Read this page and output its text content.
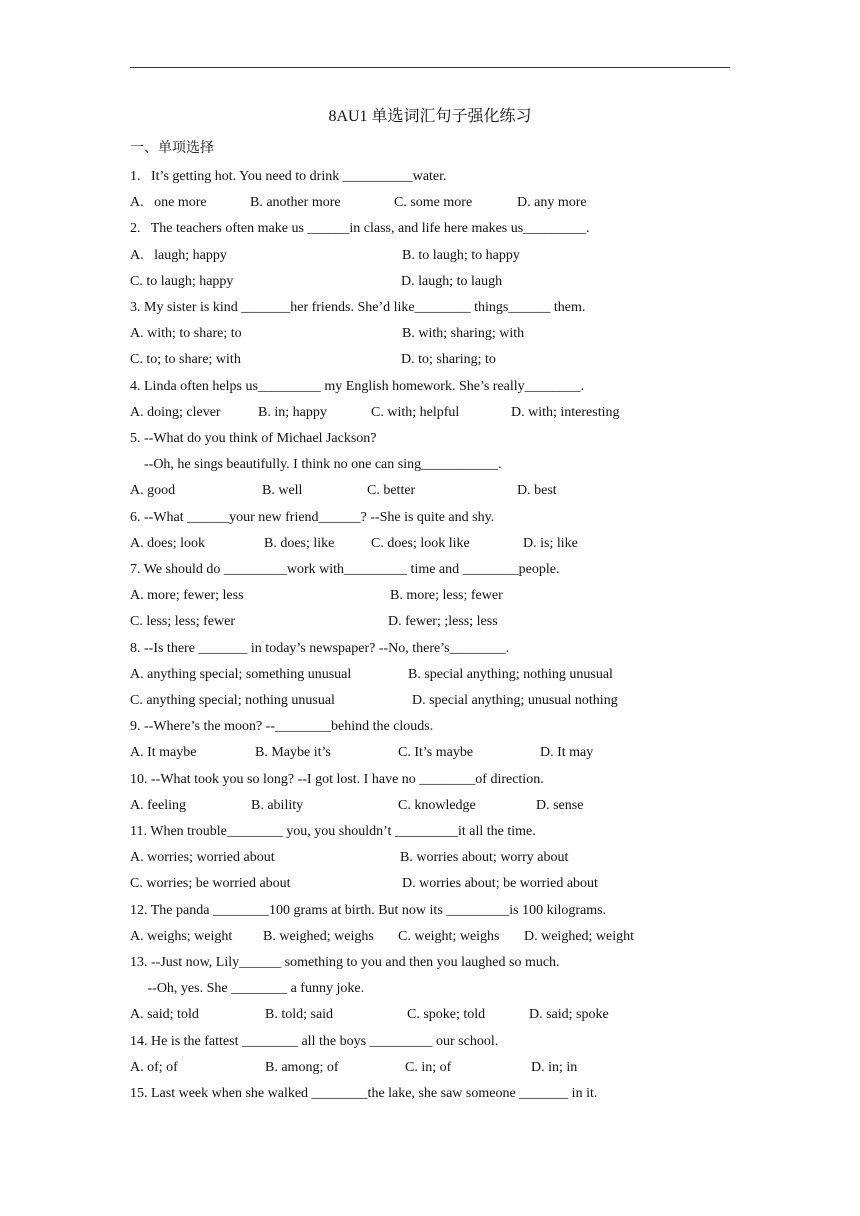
8AU1 单选词汇句子强化练习
一、单项选择
1.   It’s getting hot. You need to drink __________water.
A.   one more	B. another more	C. some more	D. any more
2.   The teachers often make us ______in class, and life here makes us_________.
A.   laugh; happy	B. to laugh; to happy
C. to laugh; happy	D. laugh; to laugh
3. My sister is kind _______her friends. She’d like________ things______ them.
A. with; to share; to	B. with; sharing; with
C. to; to share; with	D. to; sharing; to
4. Linda often helps us_________ my English homework. She’s really________.
A. doing; clever	B. in; happy	C. with; helpful	D. with; interesting
5. --What do you think of Michael Jackson?
--Oh, he sings beautifully. I think no one can sing___________.
A. good	B. well	C. better	D. best
6. --What ______your new friend______? --She is quite and shy.
A. does; look	B. does; like	C. does; look like	D. is; like
7. We should do _________work with_________ time and ________people.
A. more; fewer; less	B. more; less; fewer
C. less; less; fewer	D. fewer; ;less; less
8. --Is there _______ in today’s newspaper? --No, there’s________.
A. anything special; something unusual	B. special anything; nothing unusual
C. anything special; nothing unusual	D. special anything; unusual nothing
9. --Where’s the moon? --________behind the clouds.
A. It maybe	B. Maybe it’s	C. It’s maybe	D. It may
10. --What took you so long? --I got lost. I have no ________of direction.
A. feeling	B. ability	C. knowledge	D. sense
11. When trouble________ you, you shouldn’t _________it all the time.
A. worries; worried about	B. worries about; worry about
C. worries; be worried about	D. worries about; be worried about
12. The panda ________100 grams at birth. But now its _________is 100 kilograms.
A. weighs; weight B. weighed; weighs C. weight; weighs D. weighed; weight
13. --Just now, Lily______ something to you and then you laughed so much.
--Oh, yes. She ________ a funny joke.
A. said; told	B. told; said	C. spoke; told	D. said; spoke
14. He is the fattest ________ all the boys _________ our school.
A. of; of	B. among; of	C. in; of	D. in; in
15. Last week when she walked ________the lake, she saw someone _______ in it.
